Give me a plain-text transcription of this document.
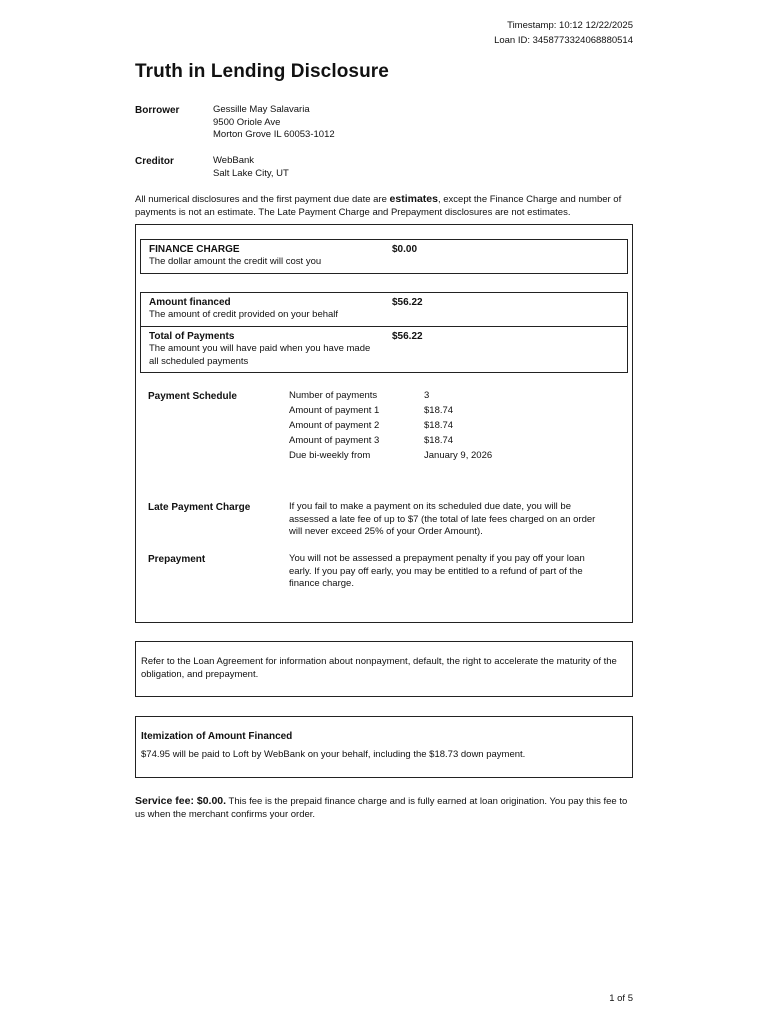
Timestamp: 10:12 12/22/2025
Loan ID: 3458773324068880514
Truth in Lending Disclosure
Borrower	Gessille May Salavaria
9500 Oriole Ave
Morton Grove IL 60053-1012
Creditor	WebBank
Salt Lake City, UT

All numerical disclosures and the first payment due date are estimates, except the Finance Charge and number of payments is not an estimate. The Late Payment Charge and Prepayment disclosures are not estimates.

FINANCE CHARGE	$0.00
The dollar amount the credit will cost you
Amount financed	$56.22
The amount of credit provided on your behalf
Total of Payments	$56.22
The amount you will have paid when you have made
all scheduled payments
Payment Schedule	Number of payments	3
Amount of payment 1	$18.74
Amount of payment 2	$18.74
Amount of payment 3	$18.74
Due bi-weekly from	January 9, 2026
Late Payment Charge	If you fail to make a payment on its scheduled due date, you will be assessed a late fee of up to $7 (the total of late fees charged on an order will never exceed 25% of your Order Amount).
Prepayment	You will not be assessed a prepayment penalty if you pay off your loan early. If you pay off early, you may be entitled to a refund of part of the finance charge.
Refer to the Loan Agreement for information about nonpayment, default, the right to accelerate the maturity of the obligation, and prepayment.
Itemization of Amount Financed
$74.95 will be paid to Loft by WebBank on your behalf, including the $18.73 down payment.

Service fee: $0.00. This fee is the prepaid finance charge and is fully earned at loan origination. You pay this fee to us when the merchant confirms your order.

1 of 5
